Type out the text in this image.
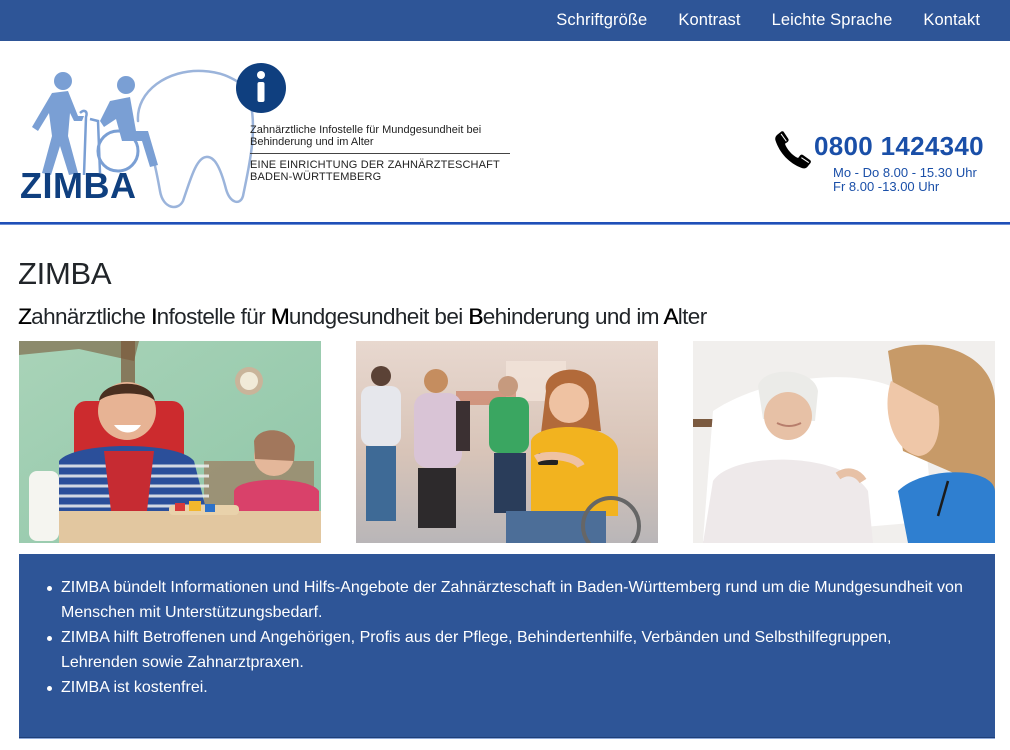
Schriftgröße Kontrast Leichte Sprache Kontakt
ZIMBA
Zahnärztliche Infostelle für Mundgesundheit bei Behinderung und im Alter
EINE EINRICHTUNG DER ZAHNÄRZTESCHAFT BADEN-WÜRTTEMBERG
0800 1424340
Mo - Do 8.00 - 15.30 Uhr
Fr 8.00 -13.00 Uhr
ZIMBA
Zahnärztliche Infostelle für Mundgesundheit bei Behinderung und im Alter
ZIMBA bündelt Informationen und Hilfs-Angebote der Zahnärzteschaft in Baden-Württemberg rund um die Mundgesundheit von Menschen mit Unterstützungsbedarf.
ZIMBA hilft Betroffenen und Angehörigen, Profis aus der Pflege, Behindertenhilfe, Verbänden und Selbsthilfegruppen, Lehrenden sowie Zahnarztpraxen.
ZIMBA ist kostenfrei.
